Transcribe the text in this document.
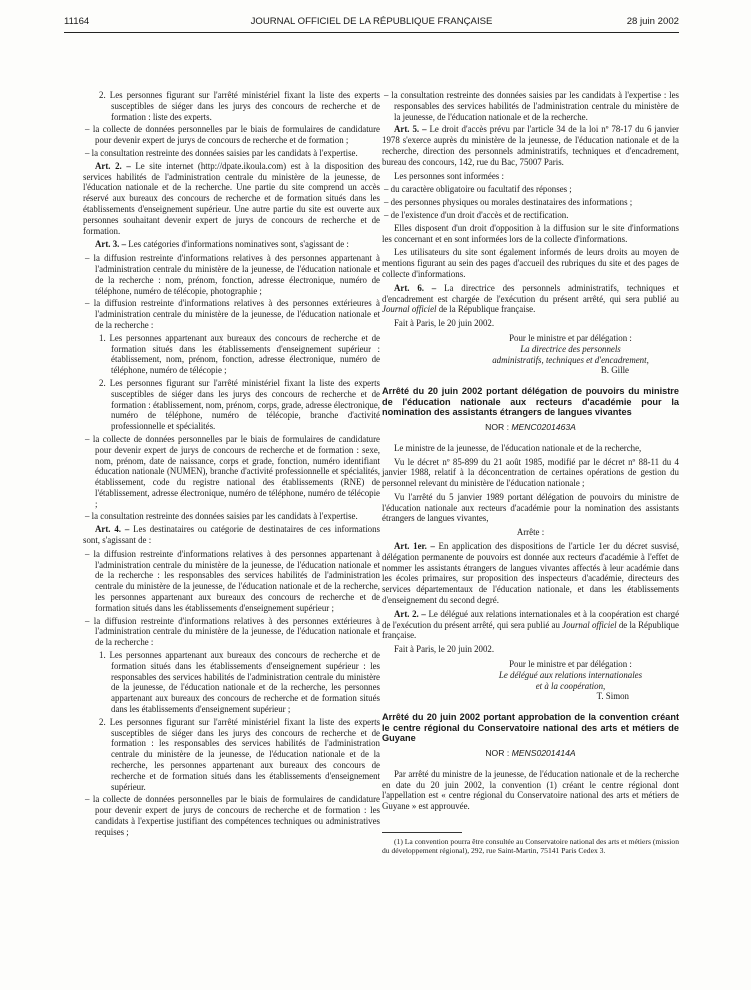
11164	JOURNAL OFFICIEL DE LA RÉPUBLIQUE FRANÇAISE	28 juin 2002

2. Les personnes figurant sur l'arrêté ministériel fixant la liste des experts susceptibles de siéger dans les jurys des concours de recherche et de formation : liste des experts.

– la collecte de données personnelles par le biais de formulaires de candidature pour devenir expert de jurys de concours de recherche et de formation ;

– la consultation restreinte des données saisies par les candidats à l'expertise.

Art. 2. – Le site internet (http://dpate.ikoula.com) est à la disposition des services habilités de l'administration centrale du ministère de la jeunesse, de l'éducation nationale et de la recherche. Une partie du site comprend un accès réservé aux bureaux des concours de recherche et de formation situés dans les établissements d'enseignement supérieur. Une autre partie du site est ouverte aux personnes souhaitant devenir expert de jurys de concours de recherche et de formation.

Art. 3. – Les catégories d'informations nominatives sont, s'agissant de :

– la diffusion restreinte d'informations relatives à des personnes appartenant à l'administration centrale du ministère de la jeunesse, de l'éducation nationale et de la recherche : nom, prénom, fonction, adresse électronique, numéro de téléphone, numéro de télécopie, photographie ;

– la diffusion restreinte d'informations relatives à des personnes extérieures à l'administration centrale du ministère de la jeunesse, de l'éducation nationale et de la recherche :

1. Les personnes appartenant aux bureaux des concours de recherche et de formation situés dans les établissements d'enseignement supérieur : établissement, nom, prénom, fonction, adresse électronique, numéro de téléphone, numéro de télécopie ;

2. Les personnes figurant sur l'arrêté ministériel fixant la liste des experts susceptibles de siéger dans les jurys des concours de recherche et de formation : établissement, nom, prénom, corps, grade, adresse électronique, numéro de téléphone, numéro de télécopie, branche d'activité professionnelle et spécialités.

– la collecte de données personnelles par le biais de formulaires de candidature pour devenir expert de jurys de concours de recherche et de formation : sexe, nom, prénom, date de naissance, corps et grade, fonction, numéro identifiant éducation nationale (NUMEN), branche d'activité professionnelle et spécialités, établissement, code du registre national des établissements (RNE) de l'établissement, adresse électronique, numéro de téléphone, numéro de télécopie ;

– la consultation restreinte des données saisies par les candidats à l'expertise.

Art. 4. – Les destinataires ou catégorie de destinataires de ces informations sont, s'agissant de :

– la diffusion restreinte d'informations relatives à des personnes appartenant à l'administration centrale du ministère de la jeunesse, de l'éducation nationale et de la recherche : les responsables des services habilités de l'administration centrale du ministère de la jeunesse, de l'éducation nationale et de la recherche, les personnes appartenant aux bureaux des concours de recherche et de formation situés dans les établissements d'enseignement supérieur ;

– la diffusion restreinte d'informations relatives à des personnes extérieures à l'administration centrale du ministère de la jeunesse, de l'éducation nationale et de la recherche :

1. Les personnes appartenant aux bureaux des concours de recherche et de formation situés dans les établissements d'enseignement supérieur : les responsables des services habilités de l'administration centrale du ministère de la jeunesse, de l'éducation nationale et de la recherche, les personnes appartenant aux bureaux des concours de recherche et de formation situés dans les établissements d'enseignement supérieur ;

2. Les personnes figurant sur l'arrêté ministériel fixant la liste des experts susceptibles de siéger dans les jurys des concours de recherche et de formation : les responsables des services habilités de l'administration centrale du ministère de la jeunesse, de l'éducation nationale et de la recherche, les personnes appartenant aux bureaux des concours de recherche et de formation situés dans les établissements d'enseignement supérieur.

– la collecte de données personnelles par le biais de formulaires de candidature pour devenir expert de jurys de concours de recherche et de formation : les candidats à l'expertise justifiant des compétences techniques ou administratives requises ;

– la consultation restreinte des données saisies par les candidats à l'expertise : les responsables des services habilités de l'administration centrale du ministère de la jeunesse, de l'éducation nationale et de la recherche.

Art. 5. – Le droit d'accès prévu par l'article 34 de la loi nº 78-17 du 6 janvier 1978 s'exerce auprès du ministère de la jeunesse, de l'éducation nationale et de la recherche, direction des personnels administratifs, techniques et d'encadrement, bureau des concours, 142, rue du Bac, 75007 Paris.

Les personnes sont informées :

– du caractère obligatoire ou facultatif des réponses ;

– des personnes physiques ou morales destinataires des informations ;

– de l'existence d'un droit d'accès et de rectification.

Elles disposent d'un droit d'opposition à la diffusion sur le site d'informations les concernant et en sont informées lors de la collecte d'informations.

Les utilisateurs du site sont également informés de leurs droits au moyen de mentions figurant au sein des pages d'accueil des rubriques du site et des pages de collecte d'informations.

Art. 6. – La directrice des personnels administratifs, techniques et d'encadrement est chargée de l'exécution du présent arrêté, qui sera publié au Journal officiel de la République française.

Fait à Paris, le 20 juin 2002.

Pour le ministre et par délégation :
La directrice des personnels
administratifs, techniques et d'encadrement,
B. Gille
Arrêté du 20 juin 2002 portant délégation de pouvoirs du ministre de l'éducation nationale aux recteurs d'académie pour la nomination des assistants étrangers de langues vivantes
NOR : MENC0201463A

Le ministre de la jeunesse, de l'éducation nationale et de la recherche,

Vu le décret nº 85-899 du 21 août 1985, modifié par le décret nº 88-11 du 4 janvier 1988, relatif à la déconcentration de certaines opérations de gestion du personnel relevant du ministère de l'éducation nationale ;

Vu l'arrêté du 5 janvier 1989 portant délégation de pouvoirs du ministre de l'éducation nationale aux recteurs d'académie pour la nomination des assistants étrangers de langues vivantes,

Arrête :

Art. 1er. – En application des dispositions de l'article 1er du décret susvisé, délégation permanente de pouvoirs est donnée aux recteurs d'académie à l'effet de nommer les assistants étrangers de langues vivantes affectés à leur académie dans les écoles primaires, sur proposition des inspecteurs d'académie, directeurs des services départementaux de l'éducation nationale, et dans les établissements d'enseignement du second degré.

Art. 2. – Le délégué aux relations internationales et à la coopération est chargé de l'exécution du présent arrêté, qui sera publié au Journal officiel de la République française.

Fait à Paris, le 20 juin 2002.

Pour le ministre et par délégation :
Le délégué aux relations internationales
et à la coopération,
T. Simon
Arrêté du 20 juin 2002 portant approbation de la convention créant le centre régional du Conservatoire national des arts et métiers de Guyane
NOR : MENS0201414A

Par arrêté du ministre de la jeunesse, de l'éducation nationale et de la recherche en date du 20 juin 2002, la convention (1) créant le centre régional dont l'appellation est « centre régional du Conservatoire national des arts et métiers de Guyane » est approuvée.

(1) La convention pourra être consultée au Conservatoire national des arts et métiers (mission du développement régional), 292, rue Saint-Martin, 75141 Paris Cedex 3.
